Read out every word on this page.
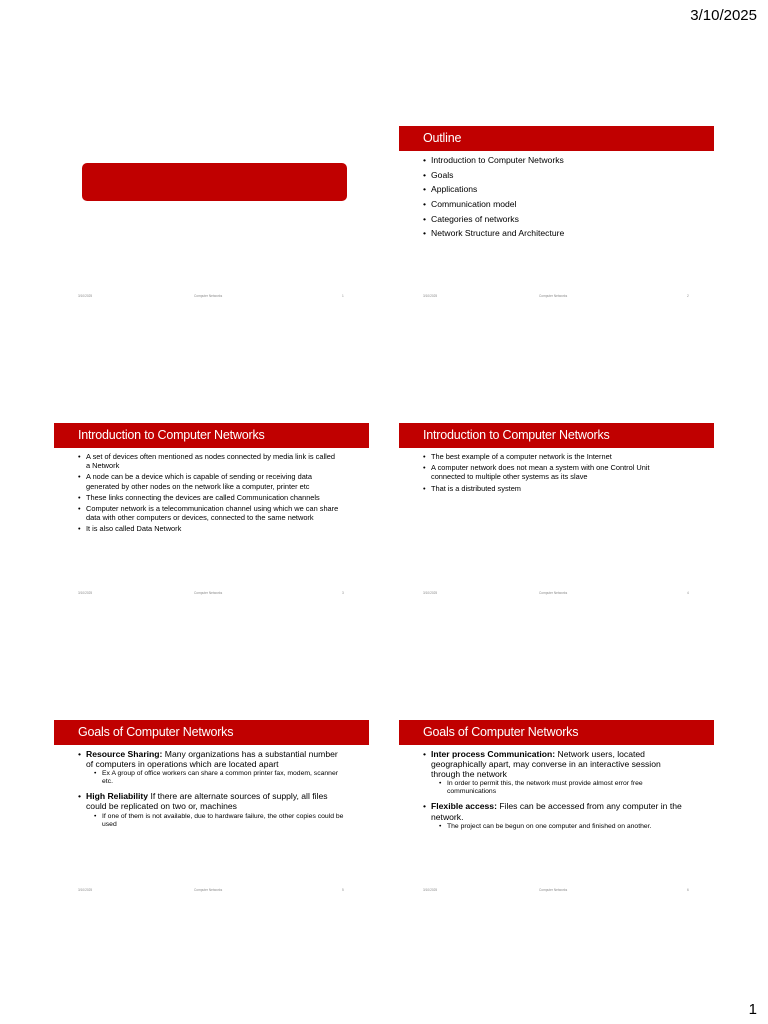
3/10/2025
3/10/2025	Computer Networks	1
Outline
• Introduction to Computer Networks
• Goals
• Applications
• Communication model
• Categories of networks
• Network Structure and Architecture
3/10/2025	Computer Networks	2
Introduction to Computer Networks
• A set of devices often mentioned as nodes connected by media link is called a Network
• A node can be a device which is capable of sending or receiving data generated by other nodes on the network like a computer, printer etc
• These links connecting the devices are called Communication channels
• Computer network is a telecommunication channel using which we can share data with other computers or devices, connected to the same network
• It is also called Data Network
3/10/2025	Computer Networks	3
Introduction to Computer Networks
• The best example of a computer network is the Internet
• A computer network does not mean a system with one Control Unit connected to multiple other systems as its slave
• That is a distributed system
3/10/2025	Computer Networks	4
Goals of Computer Networks
• Resource Sharing: Many organizations has a substantial number of computers in operations which are located apart
• Ex A group of office workers can share a common printer fax, modem, scanner etc.
• High Reliability If there are alternate sources of supply, all files could be replicated on two or, machines
• If one of them is not available, due to hardware failure, the other copies could be used
3/10/2025	Computer Networks	5
Goals of Computer Networks
• Inter process Communication: Network users, located geographically apart, may converse in an interactive session through the network
• In order to permit this, the network must provide almost error free communications
• Flexible access: Files can be accessed from any computer in the network.
• The project can be begun on one computer and finished on another.
3/10/2025	Computer Networks	6
1
